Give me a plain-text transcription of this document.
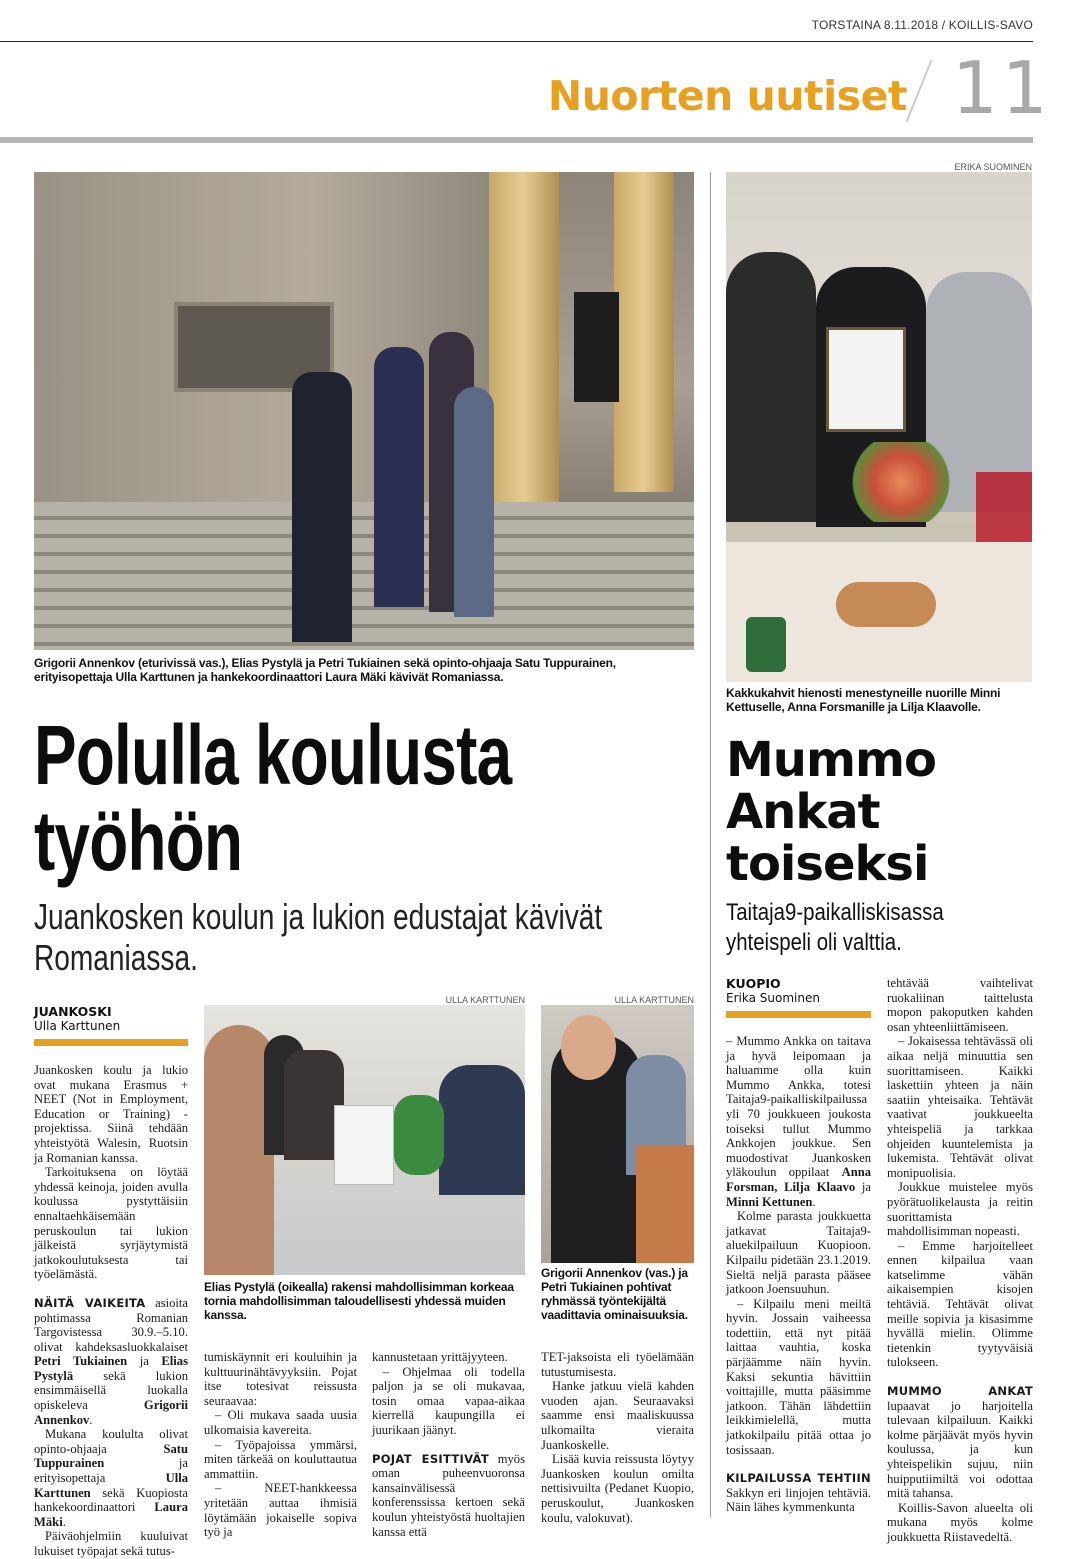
TORSTAINA 8.11.2018 / KOILLIS-SAVO
Nuorten uutiset 11
Grigorii Annenkov (eturivissä vas.), Elias Pystylä ja Petri Tukiainen sekä opinto-ohjaaja Satu Tuppurainen, erityisopettaja Ulla Karttunen ja hankekoordinaattori Laura Mäki kävivät Romaniassa.
ERIKA SUOMINEN
Kakkukahvit hienosti menestyneille nuorille Minni Kettuselle, Anna Forsmanille ja Lilja Klaavolle.
Polulla koulusta
työhön
Juankosken koulun ja lukion edustajat kävivät Romaniassa.
Mummo
Ankat
toiseksi
Taitaja9-paikalliskisassa yhteispeli oli valttia.
JUANKOSKI
Ulla Karttunen
ULLA KARTTUNEN
Elias Pystylä (oikealla) rakensi mahdollisimman korkeaa tornia mahdollisimman taloudellisesti yhdessä muiden kanssa.
ULLA KARTTUNEN
Grigorii Annenkov (vas.) ja Petri Tukiainen pohtivat ryhmässä työntekijältä vaadittavia ominaisuuksia.

Juankosken koulu ja lukio ovat mukana Erasmus + NEET (Not in Employment, Education or Training) -projektissa. Siinä tehdään yhteistyötä Walesin, Ruotsin ja Romanian kanssa.

Tarkoituksena on löytää yhdessä keinoja, joiden avulla koulussa pystyttäisiin ennaltaehkäisemään peruskoulun tai lukion jälkeistä syrjäytymistä jatkokoulutuksesta tai työelämästä.

NÄITÄ VAIKEITA asioita pohtimassa Romanian Targovistessa 30.9.–5.10. olivat kahdeksasluokkalaiset Petri Tukiainen ja Elias Pystylä sekä lukion ensimmäisellä luokalla opiskeleva Grigorii Annenkov.

Mukana koululta olivat opinto-ohjaaja Satu Tuppurainen ja erityisopettaja Ulla Karttunen sekä Kuopiosta hankekoordinaattori Laura Mäki.

Päiväohjelmiin kuuluivat lukuiset työpajat sekä tutus-

tumiskäynnit eri kouluihin ja kulttuurinähtävyyksiin. Pojat itse totesivat reissusta seuraavaa:

– Oli mukava saada uusia ulkomaisia kavereita.

– Työpajoissa ymmärsi, miten tärkeää on kouluttautua ammattiin.

– NEET-hankkeessa yritetään auttaa ihmisiä löytämään jokaiselle sopiva työ ja

kannustetaan yrittäjyyteen.

– Ohjelmaa oli todella paljon ja se oli mukavaa, tosin omaa vapaa-aikaa kierrellä kaupungilla ei juurikaan jäänyt.

POJAT ESITTIVÄT myös oman puheenvuoronsa kansainvälisessä konferenssissa kertoen sekä koulun yhteistyöstä huoltajien kanssa että

TET-jaksoista eli työelämään tutustumisesta.

Hanke jatkuu vielä kahden vuoden ajan. Seuraavaksi saamme ensi maaliskuussa ulkomailta vieraita Juankoskelle.

Lisää kuvia reissusta löytyy Juankosken koulun omilta nettisivuilta (Pedanet Kuopio, peruskoulut, Juankosken koulu, valokuvat).

KUOPIO
Erika Suominen

– Mummo Ankka on taitava ja hyvä leipomaan ja haluamme olla kuin Mummo Ankka, totesi Taitaja9-paikalliskilpailussa yli 70 joukkueen joukosta toiseksi tullut Mummo Ankkojen joukkue. Sen muodostivat Juankosken yläkoulun oppilaat Anna Forsman, Lilja Klaavo ja Minni Kettunen.

Kolme parasta joukkuetta jatkavat Taitaja9-aluekilpailuun Kuopioon. Kilpailu pidetään 23.1.2019. Sieltä neljä parasta pääsee jatkoon Joensuuhun.

– Kilpailu meni meiltä hyvin. Jossain vaiheessa todettiin, että nyt pitää laittaa vauhtia, koska pärjäämme näin hyvin. Kaksi sekuntia hävittiin voittajille, mutta pääsimme jatkoon. Tähän lähdettiin leikkimielellä, mutta jatkokilpailu pitää ottaa jo tosissaan.

KILPAILUSSA TEHTIIN Sakkyn eri linjojen tehtäviä. Näin lähes kymmenkunta

tehtävää vaihtelivat ruokaliinan taittelusta mopon pakoputken kahden osan yhteenliittämiseen.

– Jokaisessa tehtävässä oli aikaa neljä minuuttia sen suorittamiseen. Kaikki laskettiin yhteen ja näin saatiin yhteisaika. Tehtävät vaativat joukkueelta yhteispeliä ja tarkkaa ohjeiden kuuntelemista ja lukemista. Tehtävät olivat monipuolisia.

Joukkue muistelee myös pyörätuolikelausta ja reitin suorittamista mahdollisimman nopeasti.

– Emme harjoitelleet ennen kilpailua vaan katselimme vähän aikaisempien kisojen tehtäviä. Tehtävät olivat meille sopivia ja kisasimme hyvällä mielin. Olimme tietenkin tyytyväisiä tulokseen.

MUMMO ANKAT lupaavat jo harjoitella tulevaan kilpailuun. Kaikki kolme pärjäävät myös hyvin koulussa, ja kun yhteispelikin sujuu, niin huipputiimiltä voi odottaa mitä tahansa.

Koillis-Savon alueelta oli mukana myös kolme joukkuetta Riistavedeltä.
